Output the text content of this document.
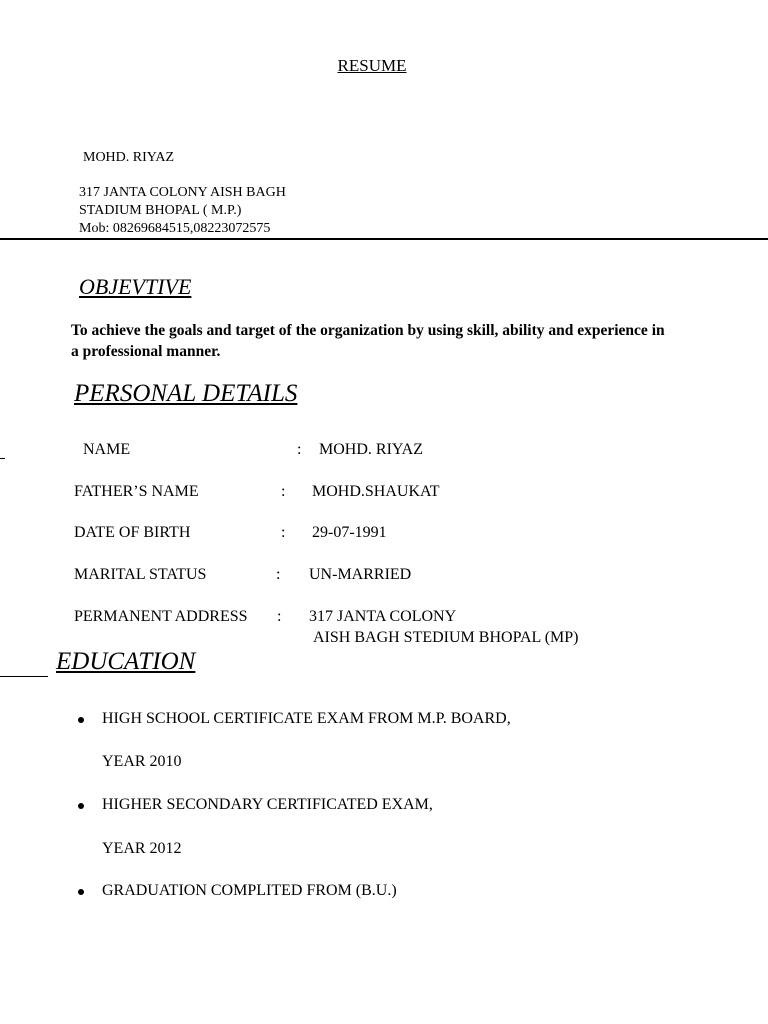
RESUME
MOHD. RIYAZ
317 JANTA COLONY AISH BAGH
STADIUM BHOPAL ( M.P.)
Mob: 08269684515,08223072575
OBJEVTIVE
To achieve the goals and target of the organization by using skill, ability and experience in a professional manner.
PERSONAL DETAILS
NAME	: MOHD. RIYAZ
FATHER’S NAME	: MOHD.SHAUKAT
DATE OF BIRTH	: 29-07-1991
MARITAL STATUS	: UN-MARRIED
PERMANENT ADDRESS : 317 JANTA COLONY
AISH BAGH STEDIUM BHOPAL (MP)
EDUCATION
HIGH SCHOOL CERTIFICATE EXAM FROM M.P. BOARD,
YEAR 2010
HIGHER SECONDARY CERTIFICATED EXAM,
YEAR 2012
GRADUATION COMPLITED FROM (B.U.)
